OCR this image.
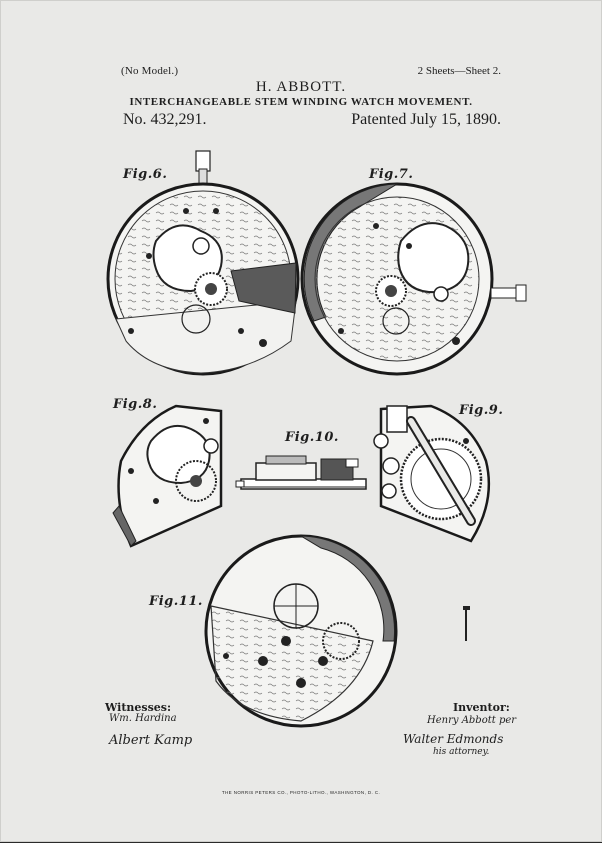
(No Model.)	2 Sheets—Sheet 2.
H. ABBOTT.
INTERCHANGEABLE STEM WINDING WATCH MOVEMENT.
No. 432,291.	Patented July 15, 1890.
Fig.6.	Fig.7.
Fig.8.	Fig.9.
Fig.10.
Fig.11.
Witnesses:
Wm. Hardina
Albert Kamp
Inventor:
Henry Abbott per
Walter Edmonds
his attorney.
THE NORRIS PETERS CO., PHOTO-LITHO., WASHINGTON, D. C.
